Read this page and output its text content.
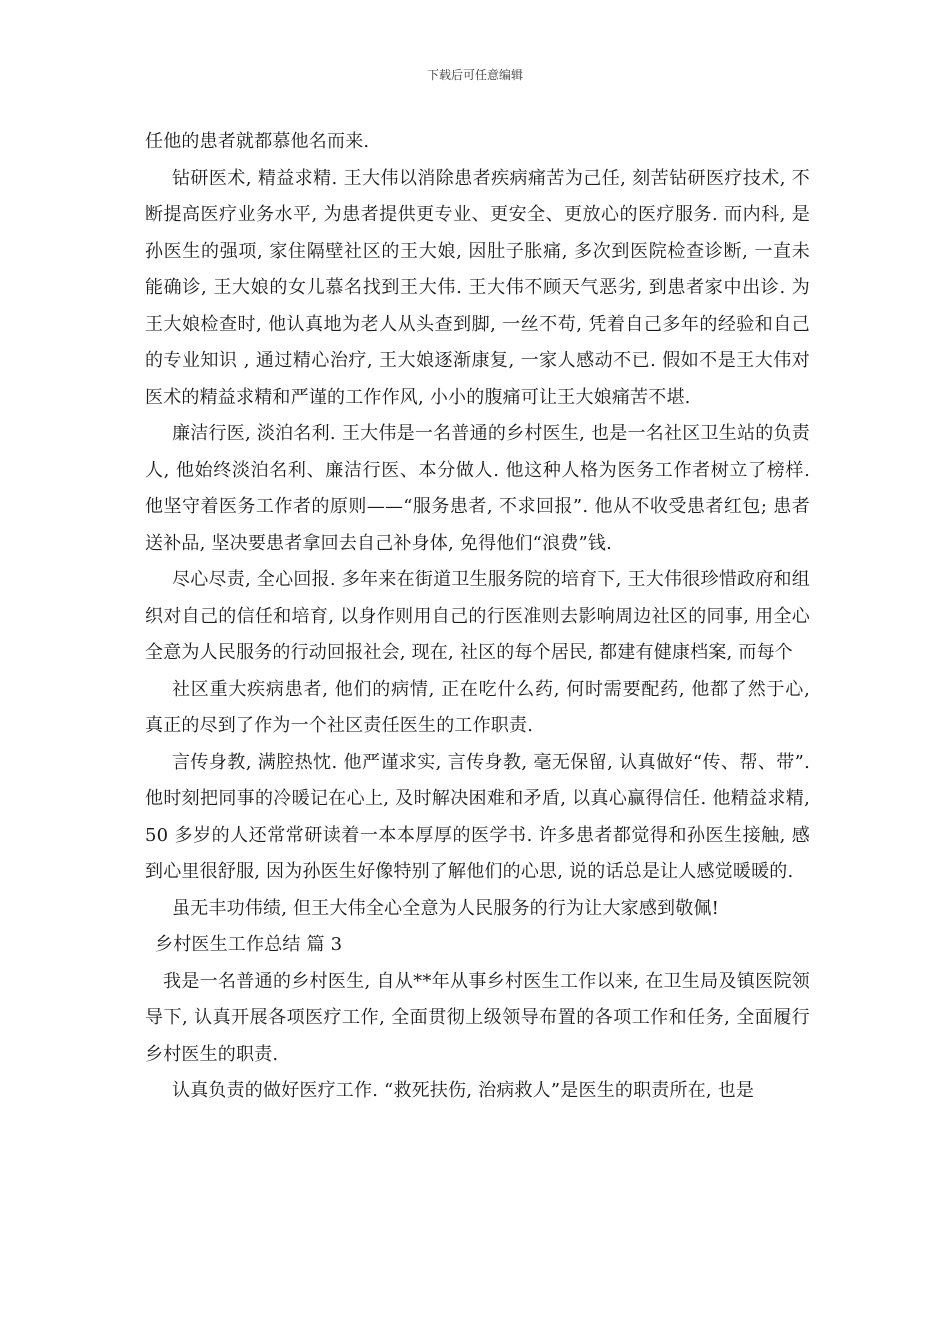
下载后可任意编辑

任他的患者就都慕他名而来.

钻研医术, 精益求精. 王大伟以消除患者疾病痛苦为己任, 刻苦钻研医疗技术, 不断提高医疗业务水平, 为患者提供更专业、更安全、更放心的医疗服务. 而内科, 是孙医生的强项, 家住隔壁社区的王大娘, 因肚子胀痛, 多次到医院检查诊断, 一直未能确诊, 王大娘的女儿慕名找到王大伟. 王大伟不顾天气恶劣, 到患者家中出诊. 为王大娘检查时, 他认真地为老人从头查到脚, 一丝不苟, 凭着自己多年的经验和自己的专业知识 , 通过精心治疗, 王大娘逐渐康复, 一家人感动不已. 假如不是王大伟对医术的精益求精和严谨的工作作风, 小小的腹痛可让王大娘痛苦不堪.

廉洁行医, 淡泊名利. 王大伟是一名普通的乡村医生, 也是一名社区卫生站的负责人, 他始终淡泊名利、廉洁行医、本分做人. 他这种人格为医务工作者树立了榜样. 他坚守着医务工作者的原则——“服务患者, 不求回报”. 他从不收受患者红包; 患者送补品, 坚决要患者拿回去自己补身体, 免得他们“浪费”钱.

尽心尽责, 全心回报. 多年来在街道卫生服务院的培育下, 王大伟很珍惜政府和组织对自己的信任和培育, 以身作则用自己的行医准则去影响周边社区的同事, 用全心全意为人民服务的行动回报社会, 现在, 社区的每个居民, 都建有健康档案, 而每个

社区重大疾病患者, 他们的病情, 正在吃什么药, 何时需要配药, 他都了然于心, 真正的尽到了作为一个社区责任医生的工作职责.

言传身教, 满腔热忱. 他严谨求实, 言传身教, 毫无保留, 认真做好“传、帮、带”. 他时刻把同事的冷暖记在心上, 及时解决困难和矛盾, 以真心赢得信任. 他精益求精, 50 多岁的人还常常研读着一本本厚厚的医学书. 许多患者都觉得和孙医生接触, 感到心里很舒服, 因为孙医生好像特别了解他们的心思, 说的话总是让人感觉暖暖的.

虽无丰功伟绩, 但王大伟全心全意为人民服务的行为让大家感到敬佩!

乡村医生工作总结 篇 3

我是一名普通的乡村医生, 自从**年从事乡村医生工作以来, 在卫生局及镇医院领导下, 认真开展各项医疗工作, 全面贯彻上级领导布置的各项工作和任务, 全面履行乡村医生的职责.

认真负责的做好医疗工作. “救死扶伤, 治病救人”是医生的职责所在, 也是
